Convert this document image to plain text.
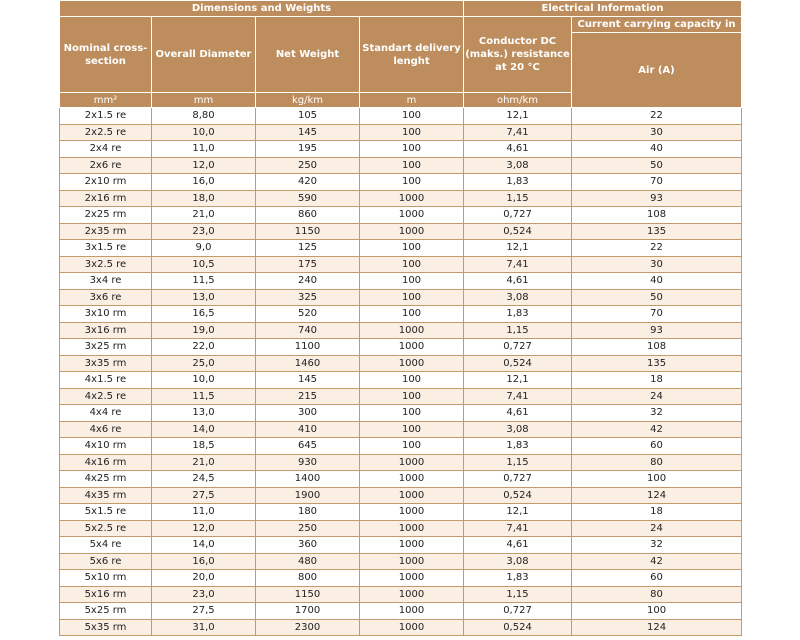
Dimensions and Weights				Electrical Information	
Nominal cross-section	Overall Diameter	Net Weight	Standart delivery lenght	Conductor DC (maks.) resistance at 20 °C	Current carrying capacity in
					Air (A)
mm²	mm	kg/km	m	ohm/km	
2x1.5 re	8,80	105	100	12,1	22
2x2.5 re	10,0	145	100	7,41	30
2x4 re	11,0	195	100	4,61	40
2x6 re	12,0	250	100	3,08	50
2x10 rm	16,0	420	100	1,83	70
2x16 rm	18,0	590	1000	1,15	93
2x25 rm	21,0	860	1000	0,727	108
2x35 rm	23,0	1150	1000	0,524	135
3x1.5 re	9,0	125	100	12,1	22
3x2.5 re	10,5	175	100	7,41	30
3x4 re	11,5	240	100	4,61	40
3x6 re	13,0	325	100	3,08	50
3x10 rm	16,5	520	100	1,83	70
3x16 rm	19,0	740	1000	1,15	93
3x25 rm	22,0	1100	1000	0,727	108
3x35 rm	25,0	1460	1000	0,524	135
4x1.5 re	10,0	145	100	12,1	18
4x2.5 re	11,5	215	100	7,41	24
4x4 re	13,0	300	100	4,61	32
4x6 re	14,0	410	100	3,08	42
4x10 rm	18,5	645	100	1,83	60
4x16 rm	21,0	930	1000	1,15	80
4x25 rm	24,5	1400	1000	0,727	100
4x35 rm	27,5	1900	1000	0,524	124
5x1.5 re	11,0	180	1000	12,1	18
5x2.5 re	12,0	250	1000	7,41	24
5x4 re	14,0	360	1000	4,61	32
5x6 re	16,0	480	1000	3,08	42
5x10 rm	20,0	800	1000	1,83	60
5x16 rm	23,0	1150	1000	1,15	80
5x25 rm	27,5	1700	1000	0,727	100
5x35 rm	31,0	2300	1000	0,524	124
